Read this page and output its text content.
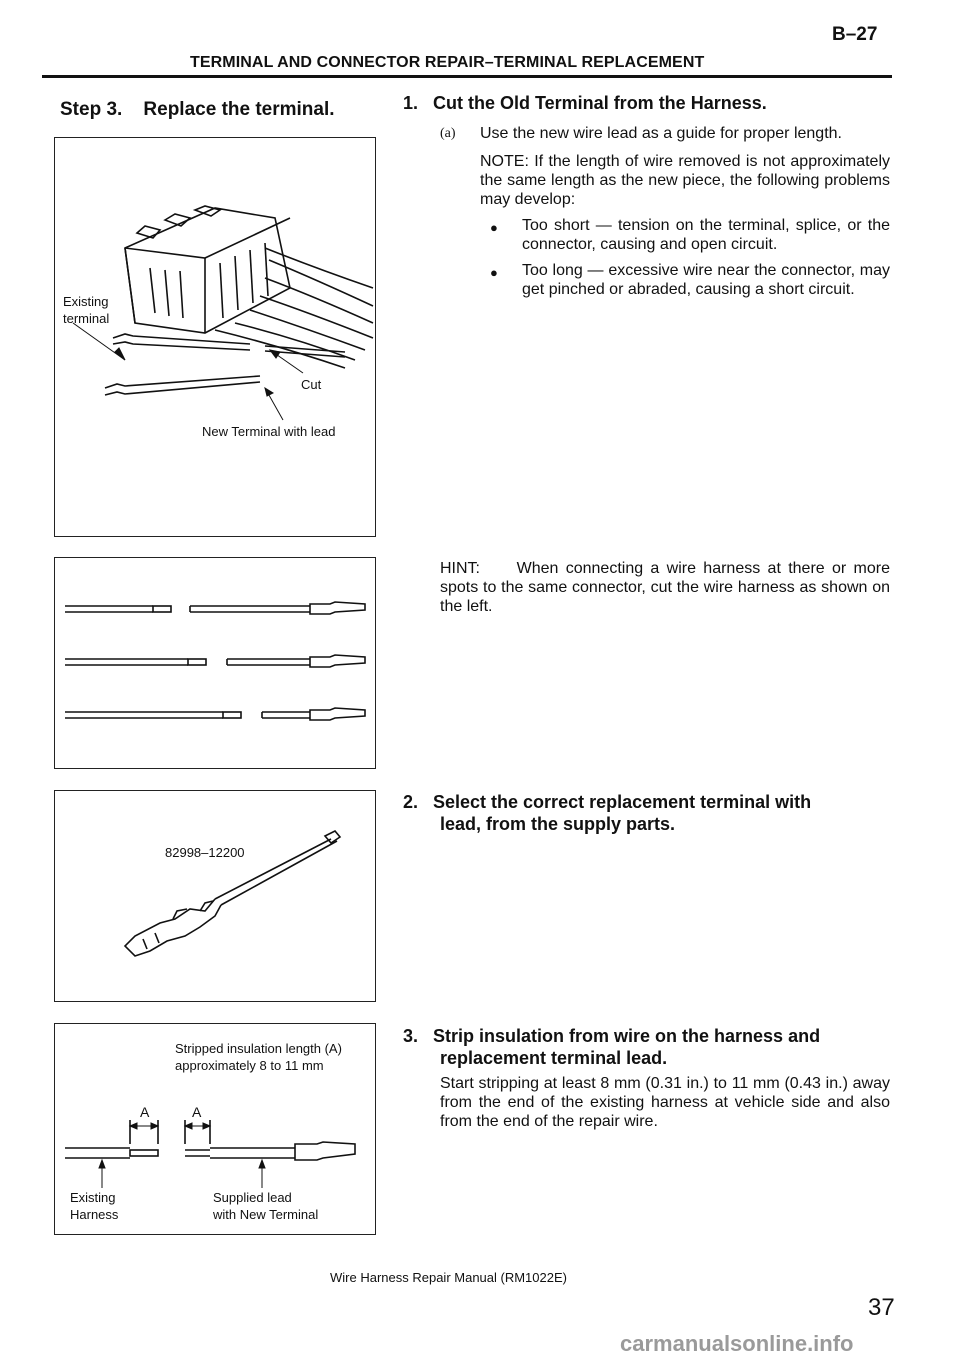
B–27
TERMINAL AND CONNECTOR REPAIR–TERMINAL REPLACEMENT
Step 3.    Replace the terminal.	1.   Cut the Old Terminal from the Harness.
(a) Use the new wire lead as a guide for proper length.
NOTE: If the length of wire removed is not approximately the same length as the new piece, the following problems may develop:
● Too short — tension on the terminal, splice, or the connector, causing and open circuit.
● Too long — excessive wire near the connector, may get pinched or abraded, causing a short circuit.
HINT:     When connecting a wire harness at there or more spots to the same connector, cut the wire harness as shown on the left.
2.   Select the correct replacement terminal with
lead, from the supply parts.
3.   Strip insulation from wire on the harness and
replacement terminal lead.
Start stripping at least 8 mm (0.31 in.) to 11 mm (0.43 in.) away from the end of the existing harness at vehicle side and also from the end of the repair wire.
Existing
terminal
Cut
New Terminal with lead
82998–12200
Stripped insulation length (A)
approximately 8 to 11 mm
A	A
Existing
Harness
Supplied lead
with New Terminal
Wire Harness Repair Manual (RM1022E)
37
carmanualsonline.info
